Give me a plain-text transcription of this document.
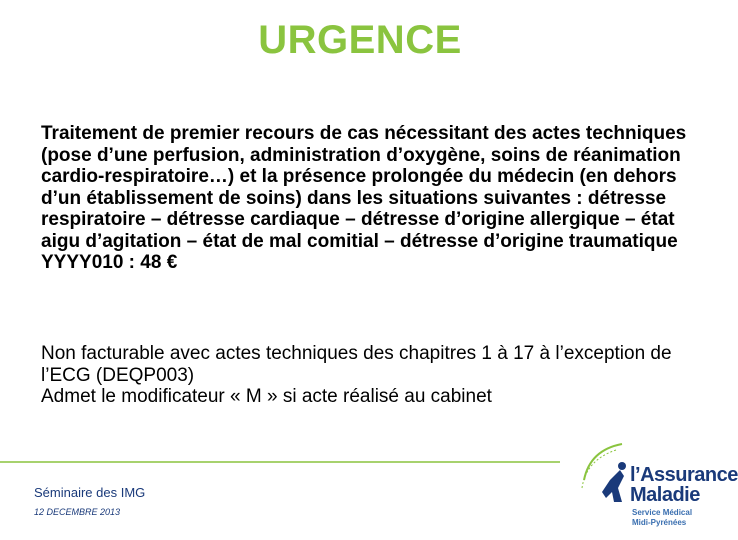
URGENCE
Traitement de premier recours de cas nécessitant des actes techniques (pose d’une perfusion, administration d’oxygène, soins de réanimation cardio-respiratoire…) et la présence prolongée du médecin (en dehors d’un établissement de soins) dans les situations suivantes : détresse respiratoire – détresse cardiaque – détresse d’origine allergique – état aigu d’agitation – état de mal comitial – détresse d’origine traumatique YYYY010 : 48 €
Non facturable avec actes techniques des chapitres 1 à 17 à l’exception de l’ECG (DEQP003)
Admet le modificateur « M » si acte réalisé au cabinet
Séminaire des IMG
12 DECEMBRE 2013
l’Assurance
Maladie
Service Médical
Midi-Pyrénées
